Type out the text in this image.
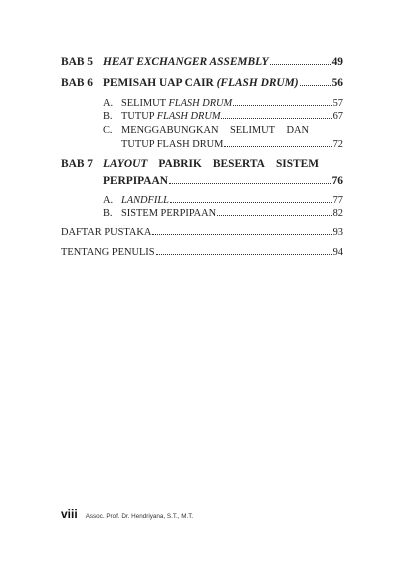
BAB 5 HEAT EXCHANGER ASSEMBLY	49
BAB 6 PEMISAH UAP CAIR (FLASH DRUM)	56
A. SELIMUT FLASH DRUM	57
B. TUTUP FLASH DRUM	67
C. MENGGABUNGKAN SELIMUT DAN
TUTUP FLASH DRUM	72
BAB 7 LAYOUT PABRIK BESERTA SISTEM
PERPIPAAN	76
A. LANDFILL	77
B. SISTEM PERPIPAAN	82
DAFTAR PUSTAKA	93
TENTANG PENULIS	94
viii Assoc. Prof. Dr. Hendriyana, S.T., M.T.
